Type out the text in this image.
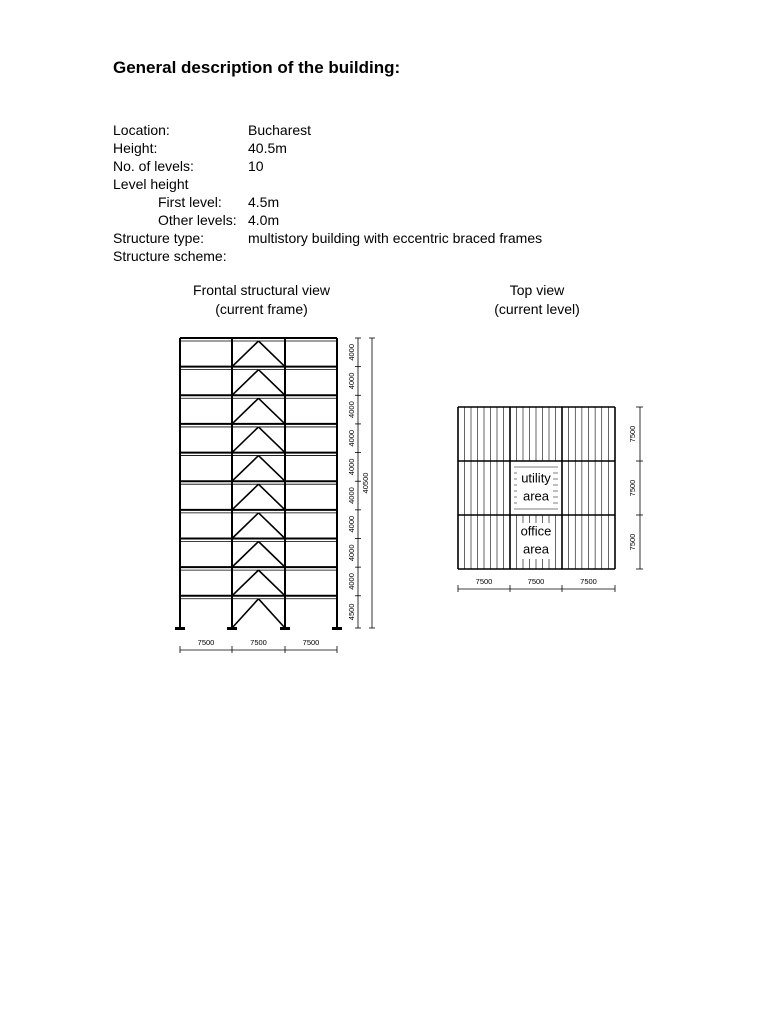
General description of the building:
Location:	Bucharest
Height:	40.5m
No. of levels:	10
Level height
First level: 4.5m
Other levels: 4.0m
Structure type:	multistory building with eccentric braced frames
Structure scheme:
Frontal structural view
(current frame)
Top view
(current level)
4000
4000
4000
4000
4000
4000
4000
4000
4000
4500
40500
7500	7500	7500
utility
area
office
area
7500
7500
7500
7500	7500	7500
